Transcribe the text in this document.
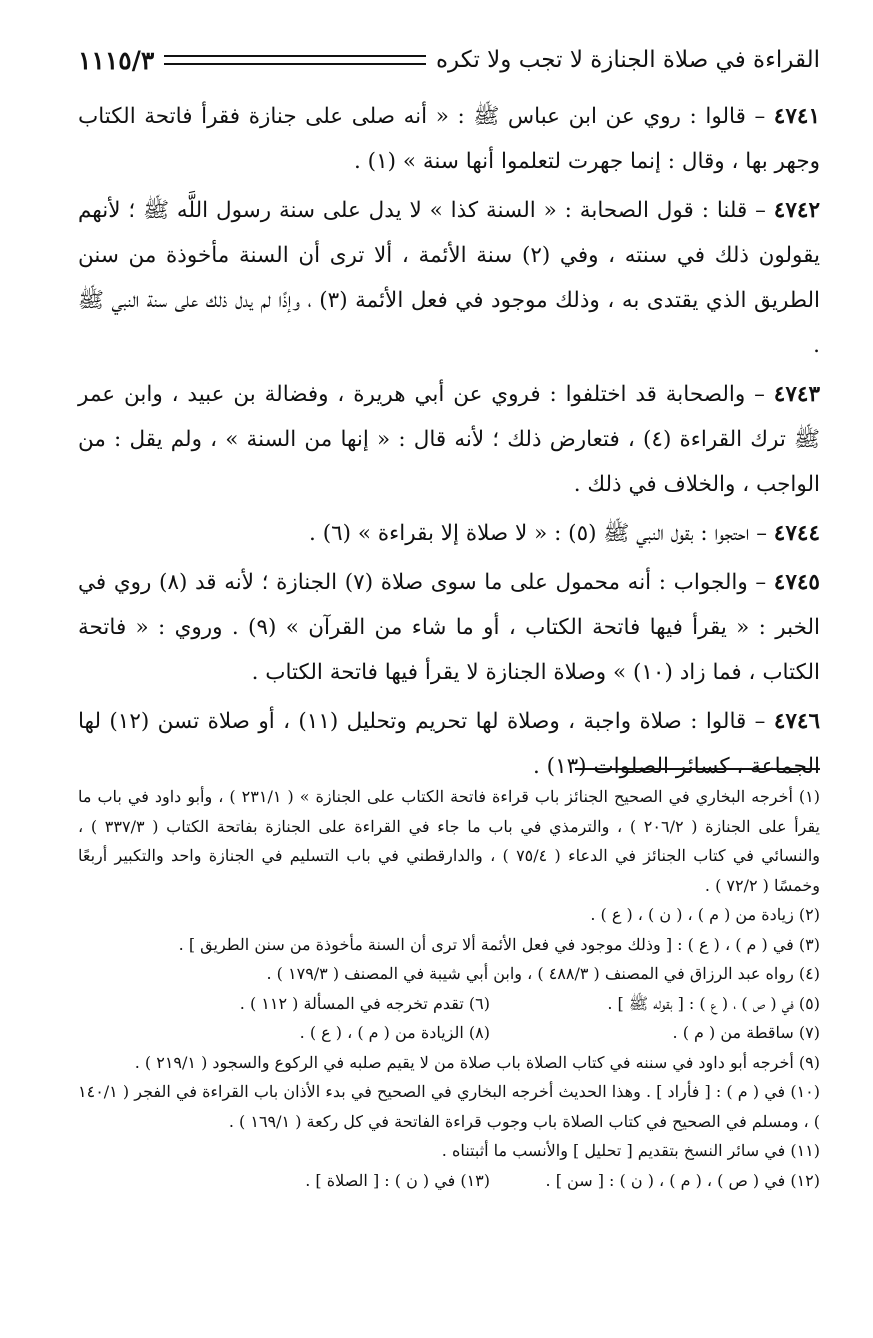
القراءة في صلاة الجنازة لا تجب ولا تكره
١١١٥/٣

٤٧٤١ – قالوا : روي عن ابن عباس ﷺ : « أنه صلى على جنازة فقرأ فاتحة الكتاب وجهر بها ، وقال : إنما جهرت لتعلموا أنها سنة » (١) .

٤٧٤٢ – قلنا : قول الصحابة : « السنة كذا » لا يدل على سنة رسول اللَّه ﷺ ؛ لأنهم يقولون ذلك في سنته ، وفي (٢) سنة الأئمة ، ألا ترى أن السنة مأخوذة من سنن الطريق الذي يقتدى به ، وذلك موجود في فعل الأئمة (٣) ، وإذًا لم يدل ذلك على سنة النبي ﷺ .

٤٧٤٣ – والصحابة قد اختلفوا : فروي عن أبي هريرة ، وفضالة بن عبيد ، وابن عمر ﷺ ترك القراءة (٤) ، فتعارض ذلك ؛ لأنه قال : « إنها من السنة » ، ولم يقل : من الواجب ، والخلاف في ذلك .

٤٧٤٤ – احتجوا : بقول النبي ﷺ (٥) : « لا صلاة إلا بقراءة » (٦) .

٤٧٤٥ – والجواب : أنه محمول على ما سوى صلاة (٧) الجنازة ؛ لأنه قد (٨) روي في الخبر : « يقرأ فيها فاتحة الكتاب ، أو ما شاء من القرآن » (٩) . وروي : « فاتحة الكتاب ، فما زاد (١٠) » وصلاة الجنازة لا يقرأ فيها فاتحة الكتاب .

٤٧٤٦ – قالوا : صلاة واجبة ، وصلاة لها تحريم وتحليل (١١) ، أو صلاة تسن (١٢) لها الجماعة ، كسائر الصلوات (١٣) .

(١) أخرجه البخاري في الصحيح الجنائز باب قراءة فاتحة الكتاب على الجنازة » ( ٢٣١/١ ) ، وأبو داود في باب ما يقرأ على الجنازة ( ٢٠٦/٢ ) ، والترمذي في باب ما جاء في القراءة على الجنازة بفاتحة الكتاب ( ٣٣٧/٣ ) ، والنسائي في كتاب الجنائز في الدعاء ( ٧٥/٤ ) ، والدارقطني في باب التسليم في الجنازة واحد والتكبير أربعًا وخمسًا ( ٧٢/٢ ) .

(٢) زيادة من ( م ) ، ( ن ) ، ( ع ) .

(٣) في ( م ) ، ( ع ) : [ وذلك موجود في فعل الأئمة ألا ترى أن السنة مأخوذة من سنن الطريق ] .

(٤) رواه عبد الرزاق في المصنف ( ٤٨٨/٣ ) ، وابن أبي شيبة في المصنف ( ١٧٩/٣ ) .

(٥) في ( ص ) ، ( ع ) : [ بقوله ﷺ ] .
(٦) تقدم تخرجه في المسألة ( ١١٢ ) .
(٧) ساقطة من ( م ) .
(٨) الزيادة من ( م ) ، ( ع ) .

(٩) أخرجه أبو داود في سننه في كتاب الصلاة باب صلاة من لا يقيم صلبه في الركوع والسجود ( ٢١٩/١ ) .

(١٠) في ( م ) : [ فأراد ] . وهذا الحديث أخرجه البخاري في الصحيح في بدء الأذان باب القراءة في الفجر ( ١٤٠/١ ) ، ومسلم في الصحيح في كتاب الصلاة باب وجوب قراءة الفاتحة في كل ركعة ( ١٦٩/١ ) .

(١١) في سائر النسخ بتقديم [ تحليل ] والأنسب ما أثبتناه .

(١٢) في ( ص ) ، ( م ) ، ( ن ) : [ سن ] .
(١٣) في ( ن ) : [ الصلاة ] .
